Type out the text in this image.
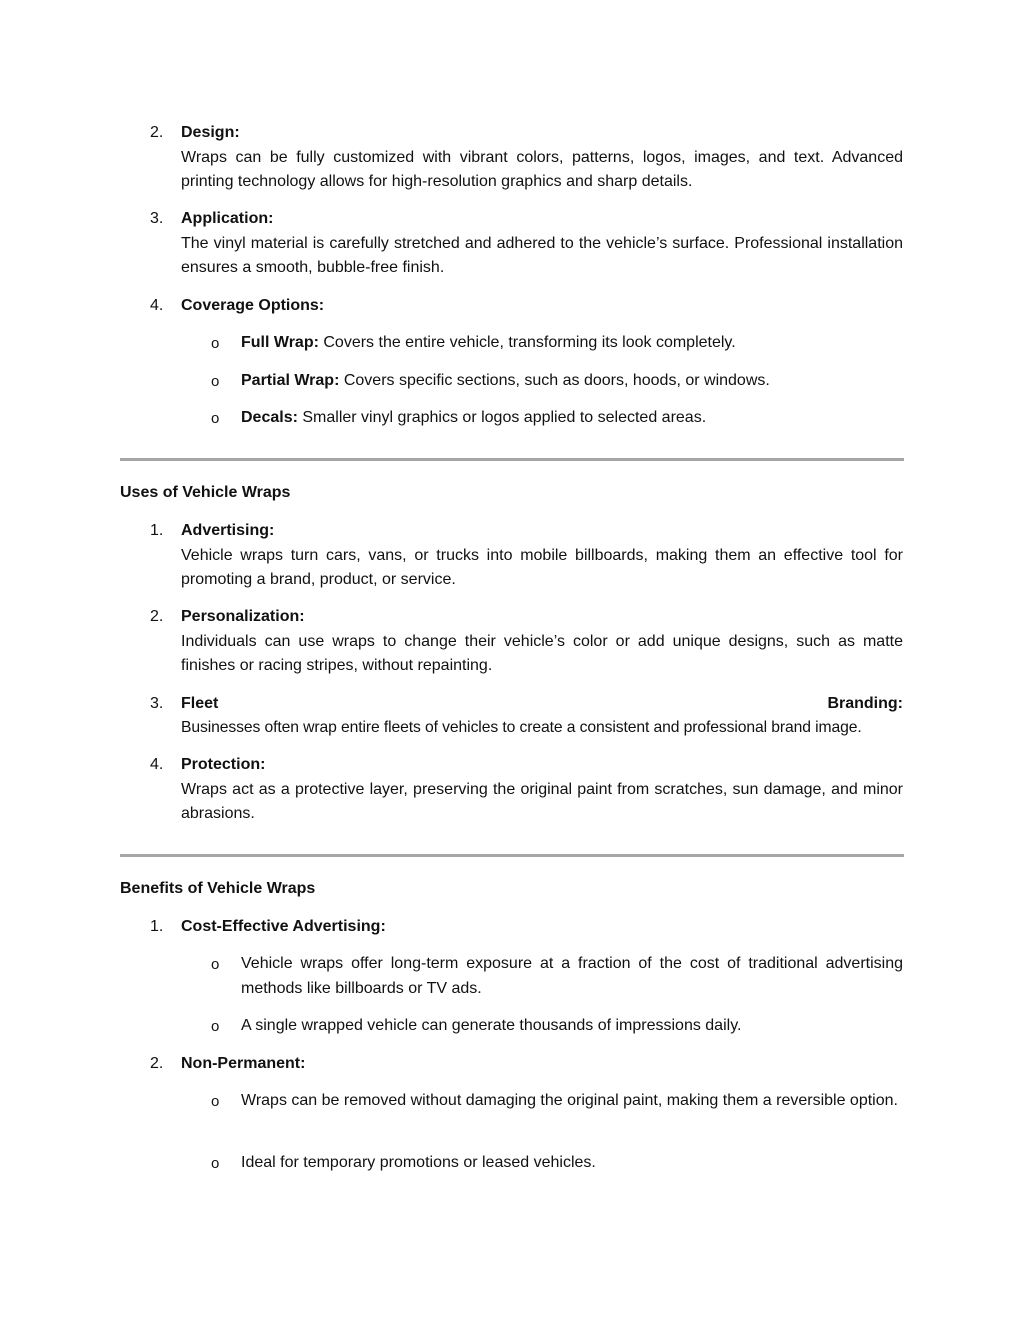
2.	Design:
Wraps can be fully customized with vibrant colors, patterns, logos, images, and text. Advanced printing technology allows for high-resolution graphics and sharp details.
3.	Application:
The vinyl material is carefully stretched and adhered to the vehicle’s surface. Professional installation ensures a smooth, bubble-free finish.
4.	Coverage Options:
o Full Wrap: Covers the entire vehicle, transforming its look completely.
o Partial Wrap: Covers specific sections, such as doors, hoods, or windows.
o Decals: Smaller vinyl graphics or logos applied to selected areas.
Uses of Vehicle Wraps
1.	Advertising:
Vehicle wraps turn cars, vans, or trucks into mobile billboards, making them an effective tool for promoting a brand, product, or service.
2.	Personalization:
Individuals can use wraps to change their vehicle’s color or add unique designs, such as matte finishes or racing stripes, without repainting.
3.	Fleet	Branding:
Businesses often wrap entire fleets of vehicles to create a consistent and professional brand image.
4.	Protection:
Wraps act as a protective layer, preserving the original paint from scratches, sun damage, and minor abrasions.
Benefits of Vehicle Wraps
1.	Cost-Effective Advertising:
o Vehicle wraps offer long-term exposure at a fraction of the cost of traditional advertising methods like billboards or TV ads.
o A single wrapped vehicle can generate thousands of impressions daily.
2.	Non-Permanent:
o Wraps can be removed without damaging the original paint, making them a reversible option.
o Ideal for temporary promotions or leased vehicles.
